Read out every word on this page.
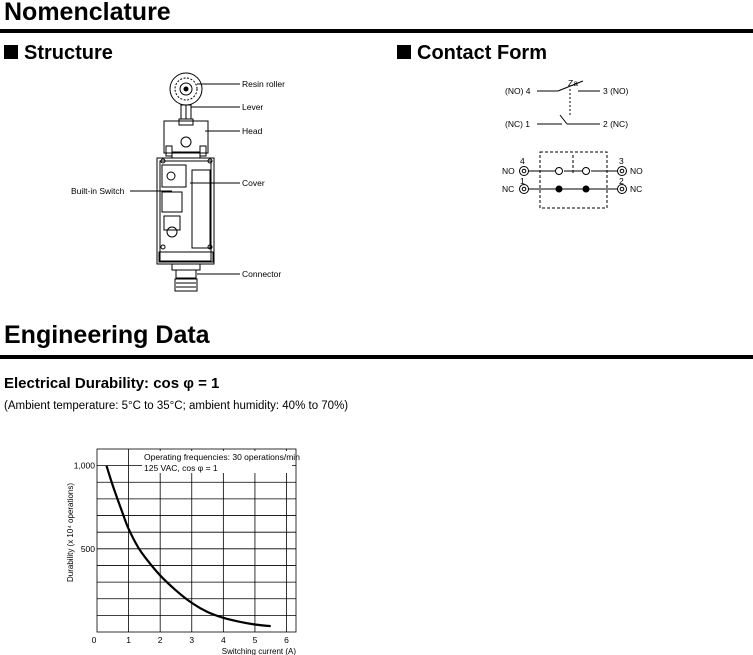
Nomenclature
Structure	Contact Form
Resin roller
Lever
Head
Cover
Built-in Switch
Connector
Za
(NO) 4	3 (NO)
(NC) 1	2 (NC)
4
1
3
2
NO
NC
NO
NC
Engineering Data
Electrical Durability: cos φ = 1
(Ambient temperature: 5°C to 35°C; ambient humidity: 40% to 70%)
0	1	2	3	4	5	6
1,000
500
Operating frequencies: 30 operations/min
125 VAC, cos φ = 1
Durability (x 10⁴ operations)
Switching current (A)
